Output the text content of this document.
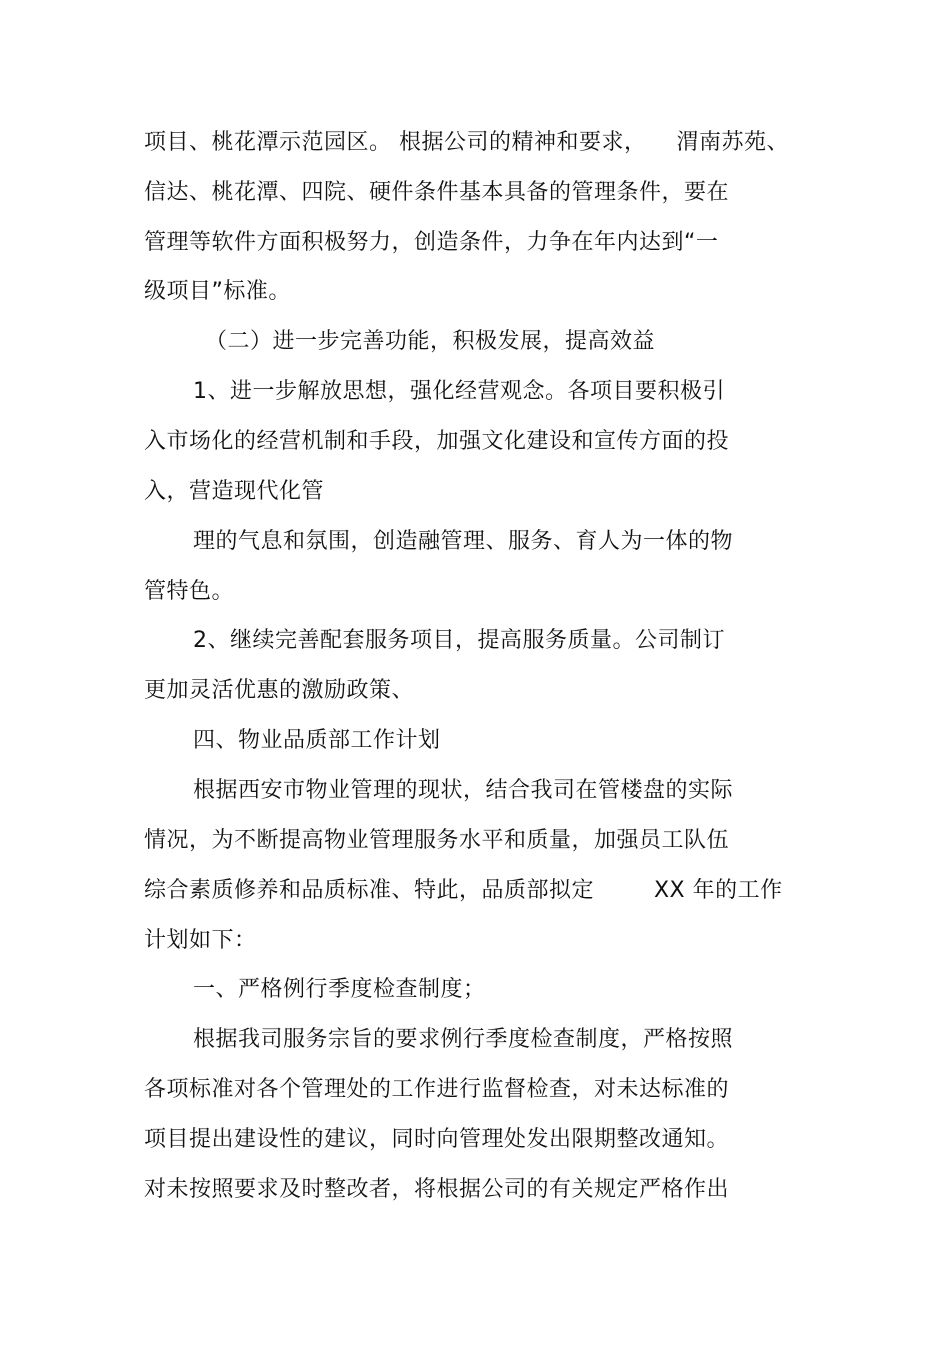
项目、桃花潭示范园区。 根据公司的精神和要求，    渭南苏苑、
信达、桃花潭、四院、硬件条件基本具备的管理条件，要在
管理等软件方面积极努力，创造条件，力争在年内达到“一
级项目”标准。
（二）进一步完善功能，积极发展，提高效益
1、进一步解放思想，强化经营观念。各项目要积极引
入市场化的经营机制和手段，加强文化建设和宣传方面的投
入，营造现代化管
理的气息和氛围，创造融管理、服务、育人为一体的物
管特色。
2、继续完善配套服务项目，提高服务质量。公司制订
更加灵活优惠的激励政策、
四、物业品质部工作计划
根据西安市物业管理的现状，结合我司在管楼盘的实际
情况，为不断提高物业管理服务水平和质量，加强员工队伍
综合素质修养和品质标准、特此，品质部拟定        XX 年的工作
计划如下：
一、严格例行季度检查制度；
根据我司服务宗旨的要求例行季度检查制度，严格按照
各项标准对各个管理处的工作进行监督检查，对未达标准的
项目提出建设性的建议，同时向管理处发出限期整改通知。
对未按照要求及时整改者，将根据公司的有关规定严格作出
